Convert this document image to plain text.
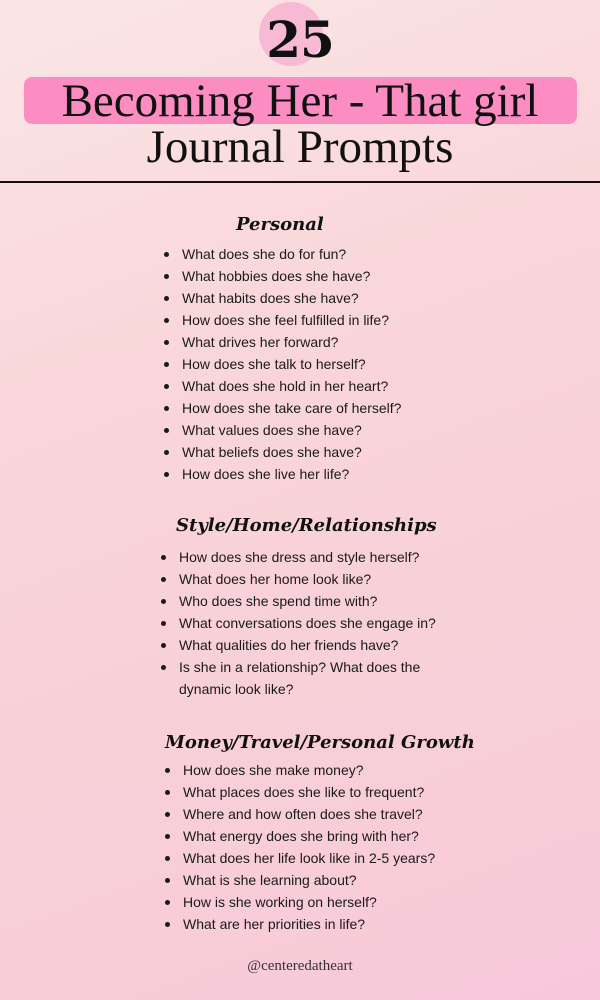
25
Becoming Her - That girl
Journal Prompts
Personal
What does she do for fun?
What hobbies does she have?
What habits does she have?
How does she feel fulfilled in life?
What drives her forward?
How does she talk to herself?
What does she hold in her heart?
How does she take care of herself?
What values does she have?
What beliefs does she have?
How does she live her life?
Style/Home/Relationships
How does she dress and style herself?
What does her home look like?
Who does she spend time with?
What conversations does she engage in?
What qualities do her friends have?
Is she in a relationship? What does the
dynamic look like?
Money/Travel/Personal Growth
How does she make money?
What places does she like to frequent?
Where and how often does she travel?
What energy does she bring with her?
What does her life look like in 2-5 years?
What is she learning about?
How is she working on herself?
What are her priorities in life?
@centeredatheart
